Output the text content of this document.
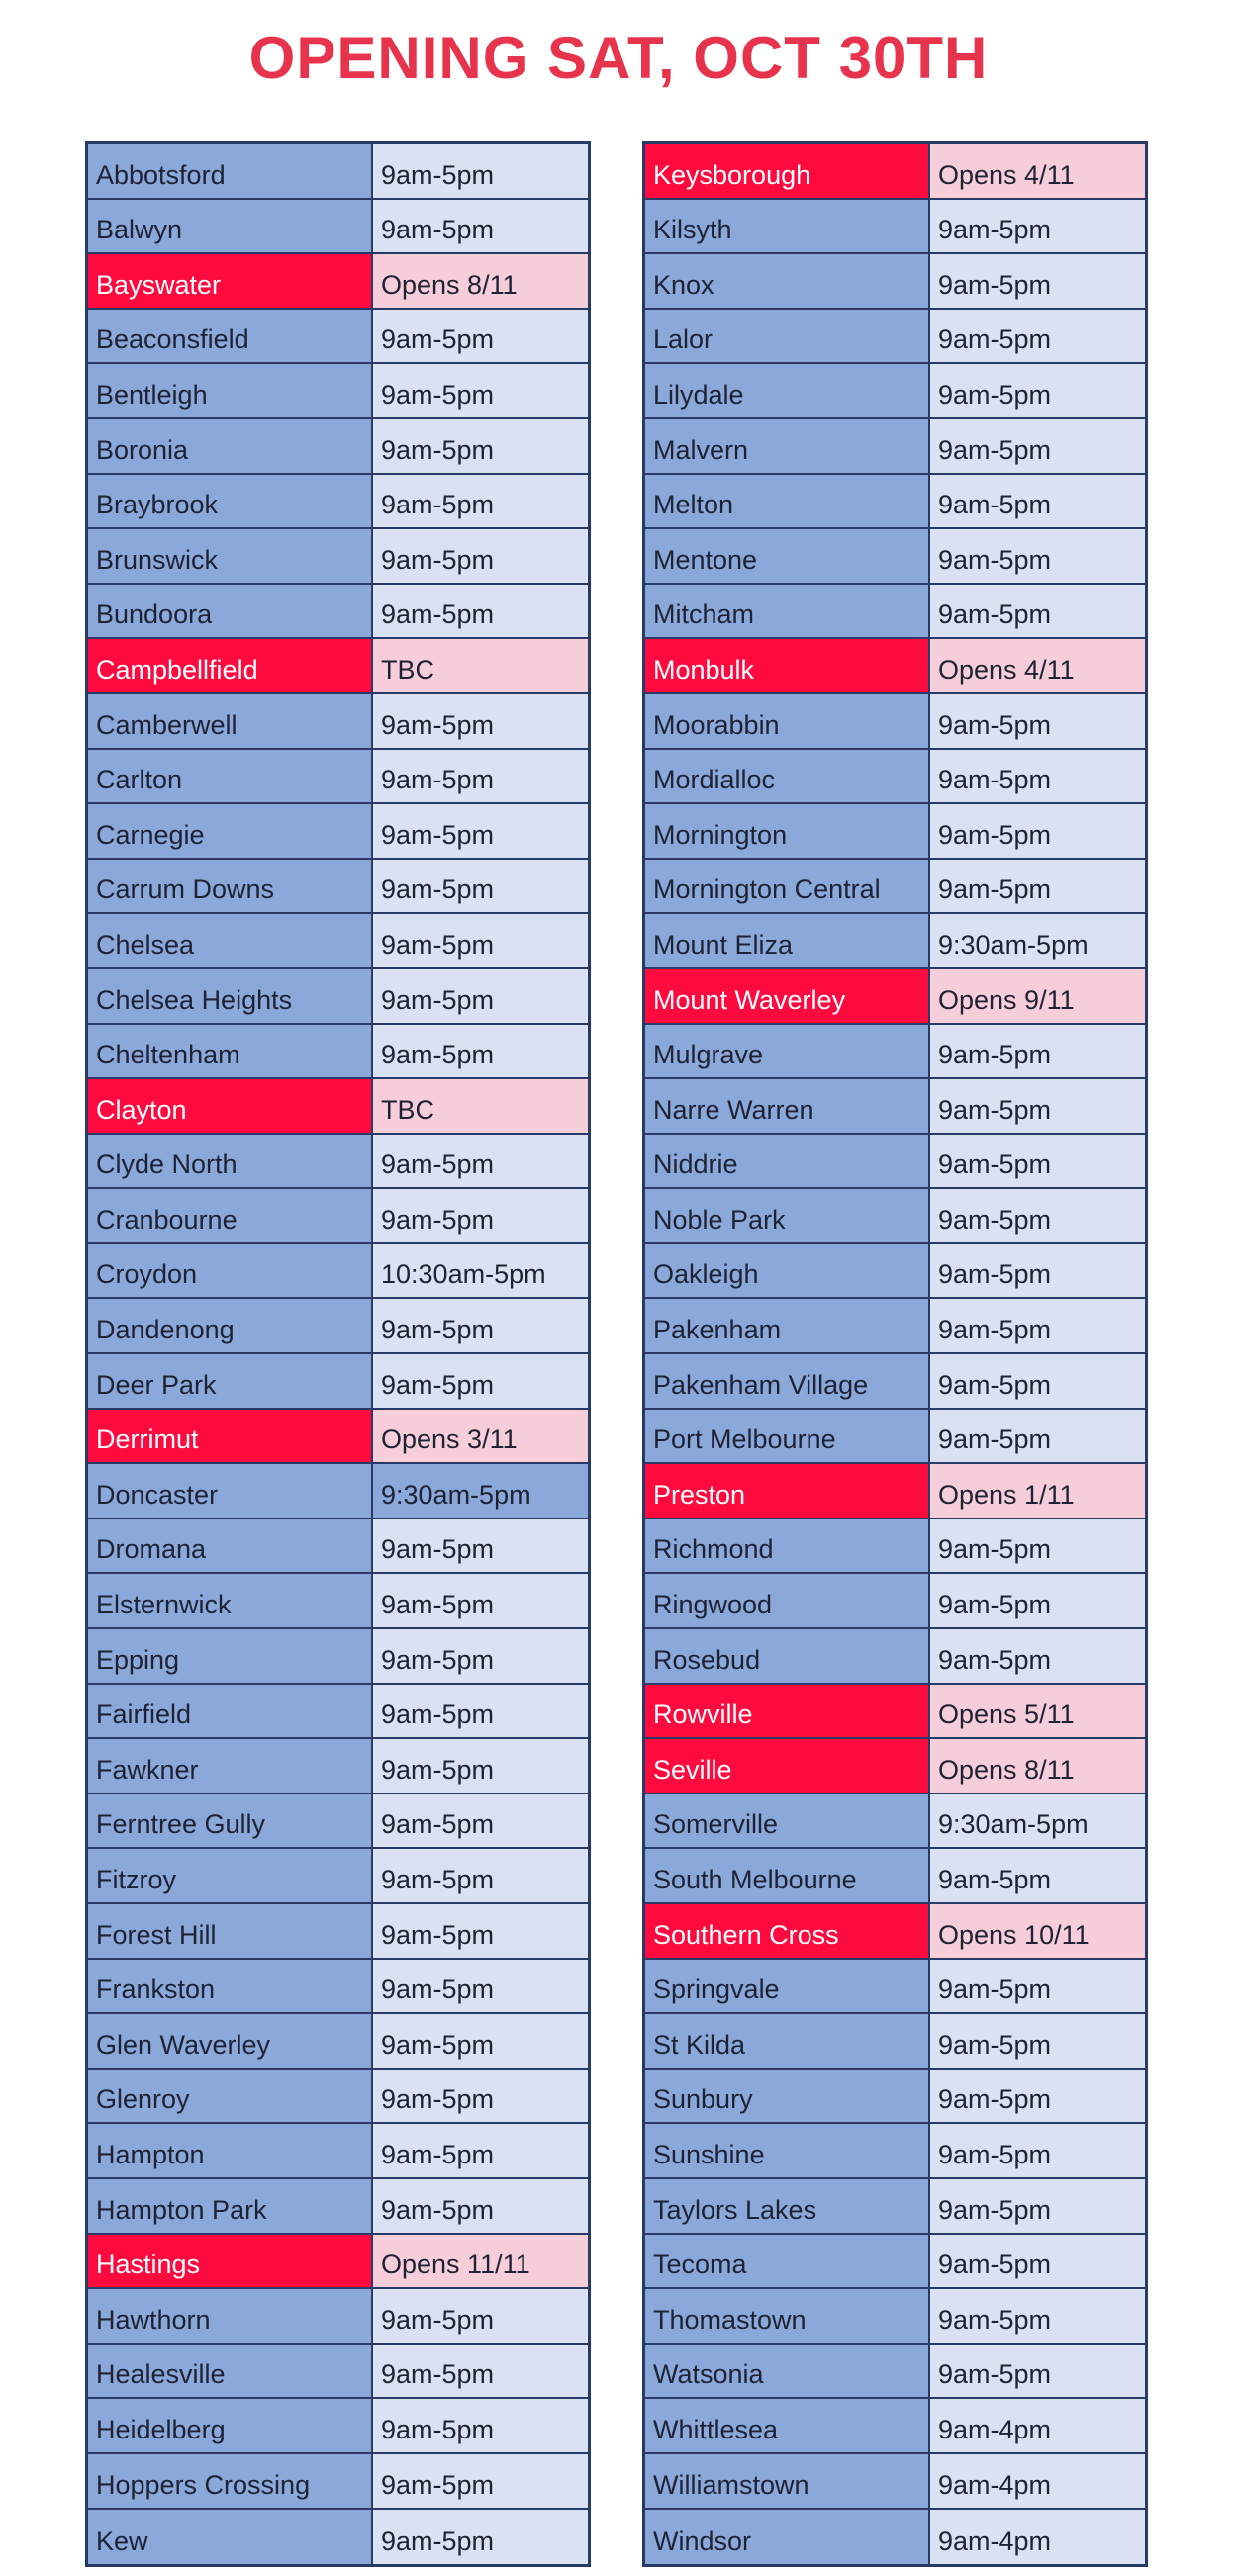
OPENING SAT, OCT 30TH
Abbotsford	9am-5pm
Balwyn	9am-5pm
Bayswater	Opens 8/11
Beaconsfield	9am-5pm
Bentleigh	9am-5pm
Boronia	9am-5pm
Braybrook	9am-5pm
Brunswick	9am-5pm
Bundoora	9am-5pm
Campbellfield	TBC
Camberwell	9am-5pm
Carlton	9am-5pm
Carnegie	9am-5pm
Carrum Downs	9am-5pm
Chelsea	9am-5pm
Chelsea Heights	9am-5pm
Cheltenham	9am-5pm
Clayton	TBC
Clyde North	9am-5pm
Cranbourne	9am-5pm
Croydon	10:30am-5pm
Dandenong	9am-5pm
Deer Park	9am-5pm
Derrimut	Opens 3/11
Doncaster	9:30am-5pm
Dromana	9am-5pm
Elsternwick	9am-5pm
Epping	9am-5pm
Fairfield	9am-5pm
Fawkner	9am-5pm
Ferntree Gully	9am-5pm
Fitzroy	9am-5pm
Forest Hill	9am-5pm
Frankston	9am-5pm
Glen Waverley	9am-5pm
Glenroy	9am-5pm
Hampton	9am-5pm
Hampton Park	9am-5pm
Hastings	Opens 11/11
Hawthorn	9am-5pm
Healesville	9am-5pm
Heidelberg	9am-5pm
Hoppers Crossing	9am-5pm
Kew	9am-5pm
Keysborough	Opens 4/11
Kilsyth	9am-5pm
Knox	9am-5pm
Lalor	9am-5pm
Lilydale	9am-5pm
Malvern	9am-5pm
Melton	9am-5pm
Mentone	9am-5pm
Mitcham	9am-5pm
Monbulk	Opens 4/11
Moorabbin	9am-5pm
Mordialloc	9am-5pm
Mornington	9am-5pm
Mornington Central	9am-5pm
Mount Eliza	9:30am-5pm
Mount Waverley	Opens 9/11
Mulgrave	9am-5pm
Narre Warren	9am-5pm
Niddrie	9am-5pm
Noble Park	9am-5pm
Oakleigh	9am-5pm
Pakenham	9am-5pm
Pakenham Village	9am-5pm
Port Melbourne	9am-5pm
Preston	Opens 1/11
Richmond	9am-5pm
Ringwood	9am-5pm
Rosebud	9am-5pm
Rowville	Opens 5/11
Seville	Opens 8/11
Somerville	9:30am-5pm
South Melbourne	9am-5pm
Southern Cross	Opens 10/11
Springvale	9am-5pm
St Kilda	9am-5pm
Sunbury	9am-5pm
Sunshine	9am-5pm
Taylors Lakes	9am-5pm
Tecoma	9am-5pm
Thomastown	9am-5pm
Watsonia	9am-5pm
Whittlesea	9am-4pm
Williamstown	9am-4pm
Windsor	9am-4pm
